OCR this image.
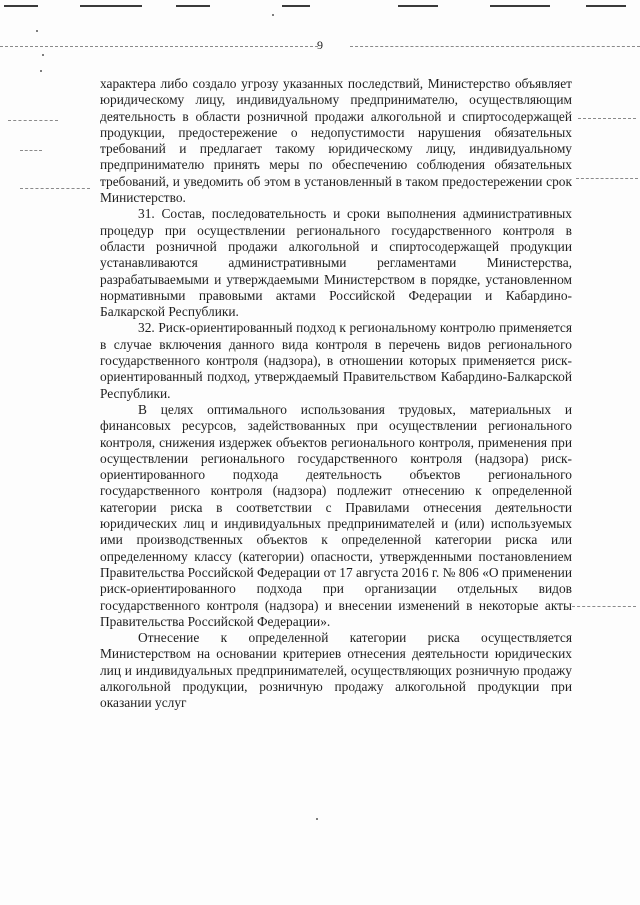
9

характера либо создало угрозу указанных последствий, Министерство объявляет юридическому лицу, индивидуальному предпринимателю, осуществляющим деятельность в области розничной продажи алкогольной и спиртосодержащей продукции, предостережение о недопустимости нарушения обязательных требований и предлагает такому юридическому лицу, индивидуальному предпринимателю принять меры по обеспечению соблюдения обязательных требований, и уведомить об этом в установленный в таком предостережении срок Министерство.

31. Состав, последовательность и сроки выполнения административных процедур при осуществлении регионального государственного контроля в области розничной продажи алкогольной и спиртосодержащей продукции устанавливаются административными регламентами Министерства, разрабатываемыми и утверждаемыми Министерством в порядке, установленном нормативными правовыми актами Российской Федерации и Кабардино-Балкарской Республики.

32. Риск-ориентированный подход к региональному контролю применяется в случае включения данного вида контроля в перечень видов регионального государственного контроля (надзора), в отношении которых применяется риск-ориентированный подход, утверждаемый Правительством Кабардино-Балкарской Республики.

В целях оптимального использования трудовых, материальных и финансовых ресурсов, задействованных при осуществлении регионального контроля, снижения издержек объектов регионального контроля, применения при осуществлении регионального государственного контроля (надзора) риск-ориентированного подхода деятельность объектов регионального государственного контроля (надзора) подлежит отнесению к определенной категории риска в соответствии с Правилами отнесения деятельности юридических лиц и индивидуальных предпринимателей и (или) используемых ими производственных объектов к определенной категории риска или определенному классу (категории) опасности, утвержденными постановлением Правительства Российской Федерации от 17 августа 2016 г. № 806 «О применении риск-ориентированного подхода при организации отдельных видов государственного контроля (надзора) и внесении изменений в некоторые акты Правительства Российской Федерации».

Отнесение к определенной категории риска осуществляется Министерством на основании критериев отнесения деятельности юридических лиц и индивидуальных предпринимателей, осуществляющих розничную продажу алкогольной продукции, розничную продажу алкогольной продукции при оказании услуг
